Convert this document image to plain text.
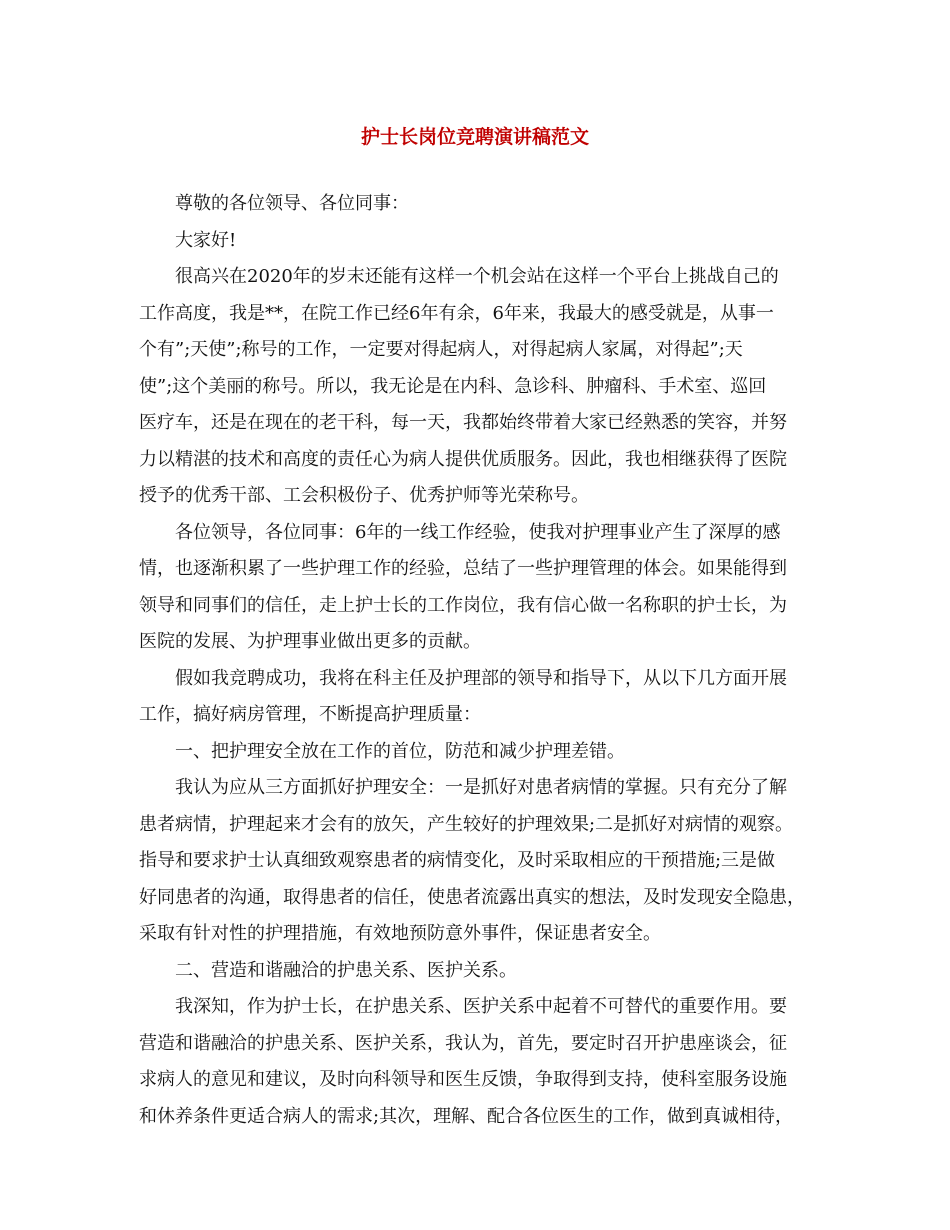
护士长岗位竞聘演讲稿范文
尊敬的各位领导、各位同事：
大家好!
很高兴在2020年的岁末还能有这样一个机会站在这样一个平台上挑战自己的
工作高度，我是**，在院工作已经6年有余，6年来，我最大的感受就是，从事一
个有”;天使”;称号的工作，一定要对得起病人，对得起病人家属，对得起”;天
使”;这个美丽的称号。所以，我无论是在内科、急诊科、肿瘤科、手术室、巡回
医疗车，还是在现在的老干科，每一天，我都始终带着大家已经熟悉的笑容，并努
力以精湛的技术和高度的责任心为病人提供优质服务。因此，我也相继获得了医院
授予的优秀干部、工会积极份子、优秀护师等光荣称号。
各位领导，各位同事：6年的一线工作经验，使我对护理事业产生了深厚的感
情，也逐渐积累了一些护理工作的经验，总结了一些护理管理的体会。如果能得到
领导和同事们的信任，走上护士长的工作岗位，我有信心做一名称职的护士长，为
医院的发展、为护理事业做出更多的贡献。
假如我竞聘成功，我将在科主任及护理部的领导和指导下，从以下几方面开展
工作，搞好病房管理，不断提高护理质量：
一、把护理安全放在工作的首位，防范和减少护理差错。
我认为应从三方面抓好护理安全：一是抓好对患者病情的掌握。只有充分了解
患者病情，护理起来才会有的放矢，产生较好的护理效果;二是抓好对病情的观察。
指导和要求护士认真细致观察患者的病情变化，及时采取相应的干预措施;三是做
好同患者的沟通，取得患者的信任，使患者流露出真实的想法，及时发现安全隐患，
采取有针对性的护理措施，有效地预防意外事件，保证患者安全。
二、营造和谐融洽的护患关系、医护关系。
我深知，作为护士长，在护患关系、医护关系中起着不可替代的重要作用。要
营造和谐融洽的护患关系、医护关系，我认为，首先，要定时召开护患座谈会，征
求病人的意见和建议，及时向科领导和医生反馈，争取得到支持，使科室服务设施
和休养条件更适合病人的需求;其次，理解、配合各位医生的工作，做到真诚相待，
